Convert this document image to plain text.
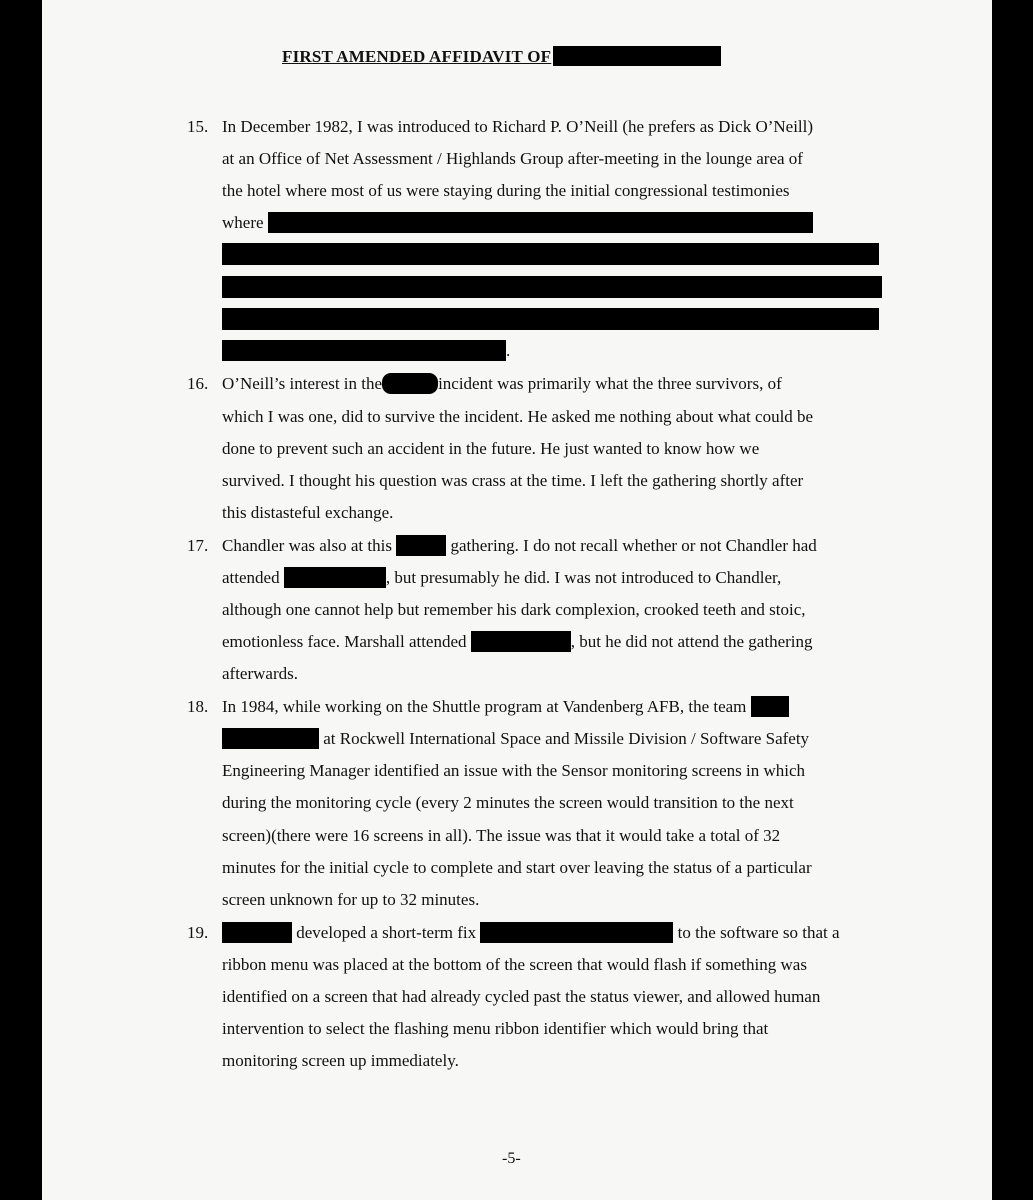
FIRST AMENDED AFFIDAVIT OF
15. In December 1982, I was introduced to Richard P. O’Neill (he prefers as Dick O’Neill)
at an Office of Net Assessment / Highlands Group after-meeting in the lounge area of
the hotel where most of us were staying during the initial congressional testimonies
where
.
16. O’Neill’s interest in the	incident was primarily what the three survivors, of
which I was one, did to survive the incident. He asked me nothing about what could be
done to prevent such an accident in the future. He just wanted to know how we
survived. I thought his question was crass at the time. I left the gathering shortly after
this distasteful exchange.
17. Chandler was also at this	gathering. I do not recall whether or not Chandler had
attended	, but presumably he did. I was not introduced to Chandler,
although one cannot help but remember his dark complexion, crooked teeth and stoic,
emotionless face. Marshall attended	, but he did not attend the gathering
afterwards.
18. In 1984, while working on the Shuttle program at Vandenberg AFB, the team
at Rockwell International Space and Missile Division / Software Safety
Engineering Manager identified an issue with the Sensor monitoring screens in which
during the monitoring cycle (every 2 minutes the screen would transition to the next
screen)(there were 16 screens in all). The issue was that it would take a total of 32
minutes for the initial cycle to complete and start over leaving the status of a particular
screen unknown for up to 32 minutes.
19.	developed a short-term fix	to the software so that a
ribbon menu was placed at the bottom of the screen that would flash if something was
identified on a screen that had already cycled past the status viewer, and allowed human
intervention to select the flashing menu ribbon identifier which would bring that
monitoring screen up immediately.
-5-
